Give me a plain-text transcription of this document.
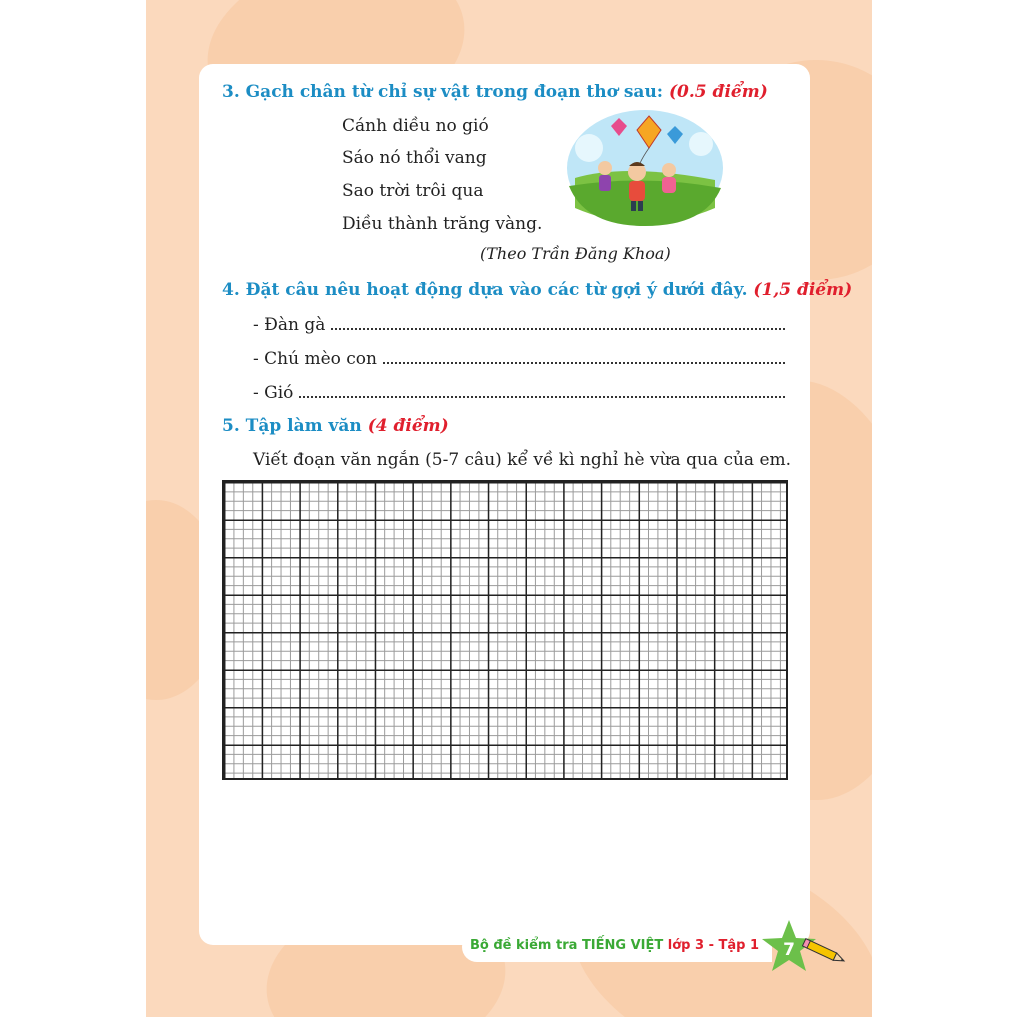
3. Gạch chân từ chỉ sự vật trong đoạn thơ sau: (0.5 điểm)
Cánh diều no gió
Sáo nó thổi vang
Sao trời trôi qua
Diều thành trăng vàng.
(Theo Trần Đăng Khoa)
4. Đặt câu nêu hoạt động dựa vào các từ gợi ý dưới đây. (1,5 điểm)
- Đàn gà
- Chú mèo con
- Gió
5. Tập làm văn (4 điểm)
Viết đoạn văn ngắn (5-7 câu) kể về kì nghỉ hè vừa qua của em.
Bộ đề kiểm tra TIẾNG VIỆT lớp 3 - Tập 1 7
